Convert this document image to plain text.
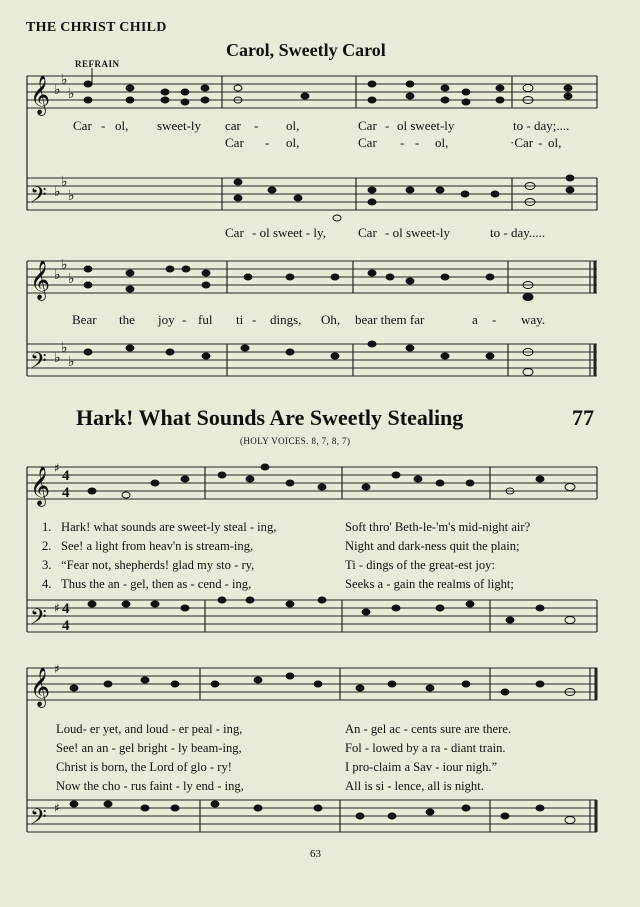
THE CHRIST CHILD
Carol, Sweetly Carol
REFRAIN
𝄞
𝄢
𝄞
𝄢
𝄞
𝄢
𝄞
𝄢
♭
♭
♭
♭
♭
♭
♭
♭
♭
♭
♭
♭
♯
♯
♯
♯
4
4
4
4
Car - ol, sweet-ly car - ol,	Car - ol sweet-ly	to - day;....
Car - ol,	Car - - ol,	·Car - ol,
Car - ol sweet - ly, Car - ol sweet-ly	to - day.....
Bear the joy - ful ti - dings, Oh, bear them far	a - way.
Hark! What Sounds Are Sweetly Stealing	77
(HOLY VOICES. 8, 7, 8, 7)
1. Hark! what sounds are sweet-ly steal - ing,	Soft thro' Beth-le-'m's mid-night air?
2. See! a light from heav'n is stream-ing,	Night and dark-ness quit the plain;
3. “Fear not, shepherds! glad my sto - ry,	Ti - dings of the great-est joy:
4. Thus the an - gel, then as - cend - ing,	Seeks a - gain the realms of light;
Loud- er yet, and loud - er peal - ing,	An - gel ac - cents sure are there.
See! an an - gel bright - ly beam-ing,	Fol - lowed by a ra - diant train.
Christ is born, the Lord of glo - ry!	I pro-claim a Sav - iour nigh.”
Now the cho - rus faint - ly end - ing,	All is si - lence, all is night.
63
